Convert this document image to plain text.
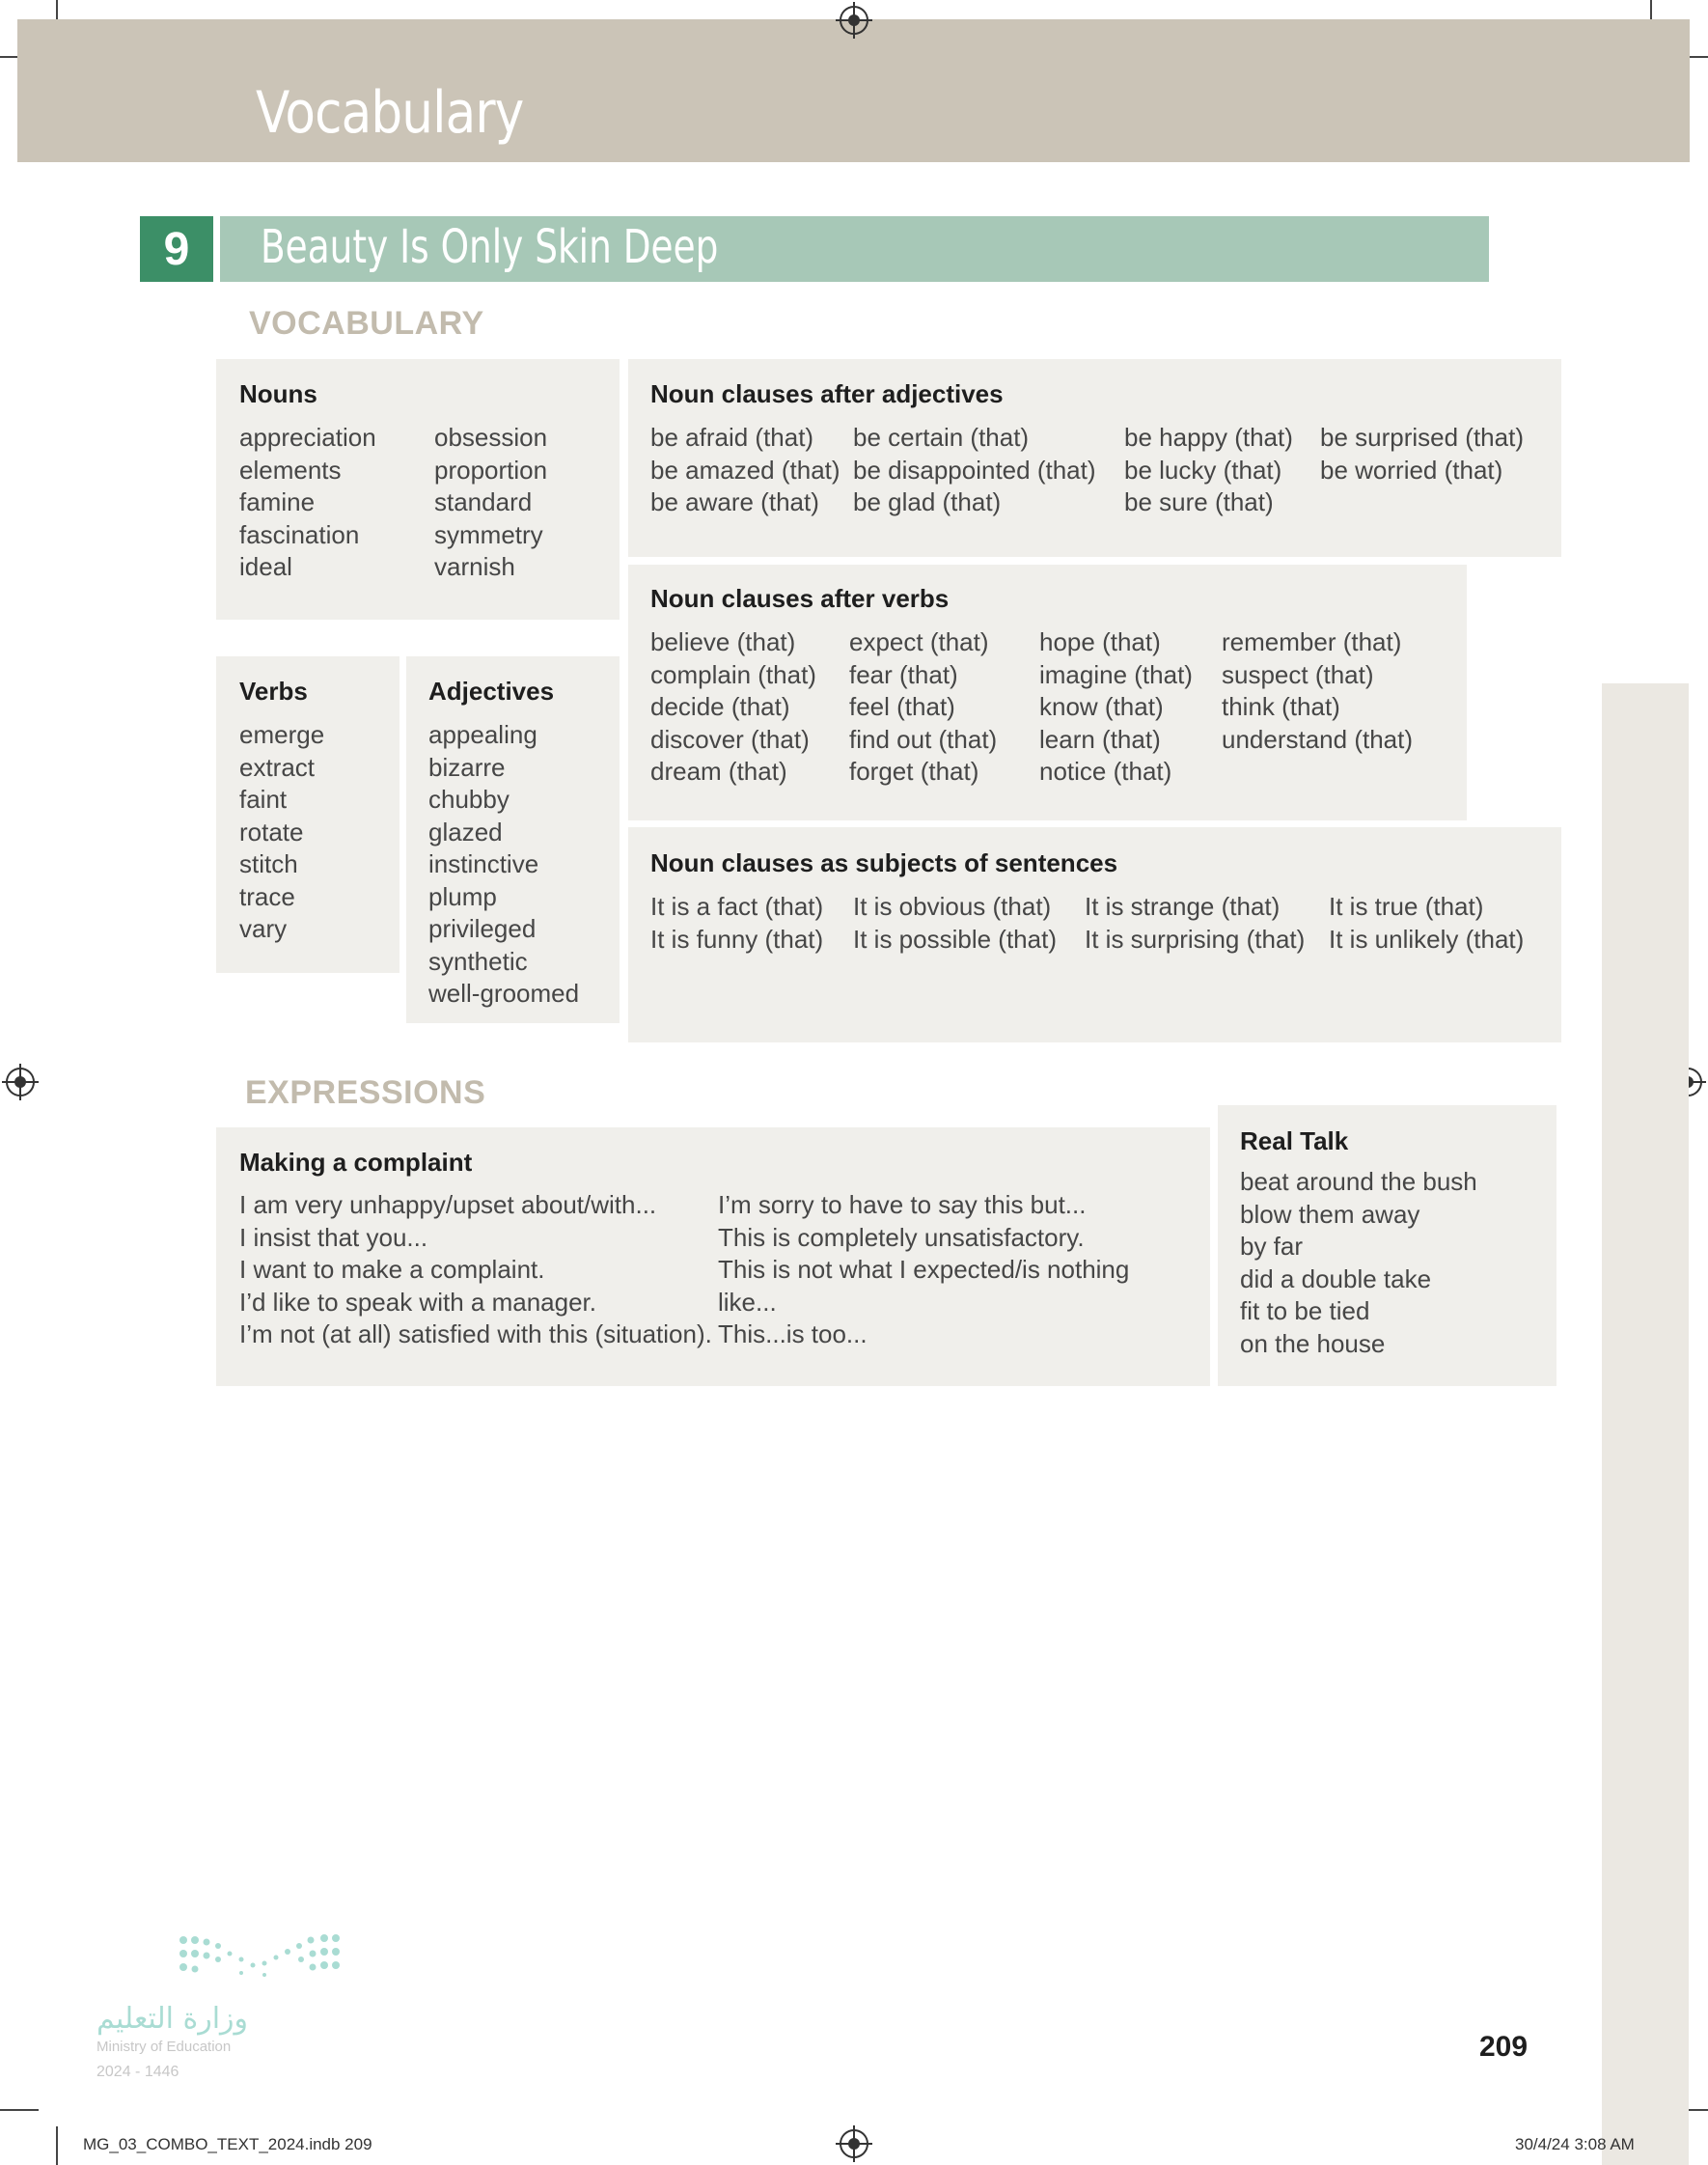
Vocabulary
9	Beauty Is Only Skin Deep
VOCABULARY
Nouns
appreciation
elements
famine
fascination
ideal
obsession
proportion
standard
symmetry
varnish
Verbs
emerge
extract
faint
rotate
stitch
trace
vary
Adjectives
appealing
bizarre
chubby
glazed
instinctive
plump
privileged
synthetic
well-groomed
Noun clauses after adjectives
be afraid (that)
be amazed (that)
be aware (that)
be certain (that)
be disappointed (that)
be glad (that)
be happy (that)
be lucky (that)
be sure (that)
be surprised (that)
be worried (that)
Noun clauses after verbs
believe (that)
complain (that)
decide (that)
discover (that)
dream (that)
expect (that)
fear (that)
feel (that)
find out (that)
forget (that)
hope (that)
imagine (that)
know (that)
learn (that)
notice (that)
remember (that)
suspect (that)
think (that)
understand (that)
Noun clauses as subjects of sentences
It is a fact (that)
It is funny (that)
It is obvious (that)
It is possible (that)
It is strange (that)
It is surprising (that)
It is true (that)
It is unlikely (that)
EXPRESSIONS
Making a complaint
I am very unhappy/upset about/with...
I insist that you...
I want to make a complaint.
I’d like to speak with a manager.
I’m not (at all) satisfied with this (situation).
I’m sorry to have to say this but...
This is completely unsatisfactory.
This is not what I expected/is nothing
like...
This...is too...
Real Talk
beat around the bush
blow them away
by far
did a double take
fit to be tied
on the house
وزارة التعليم
Ministry of Education
2024 - 1446
209
MG_03_COMBO_TEXT_2024.indb 209	30/4/24 3:08 AM
